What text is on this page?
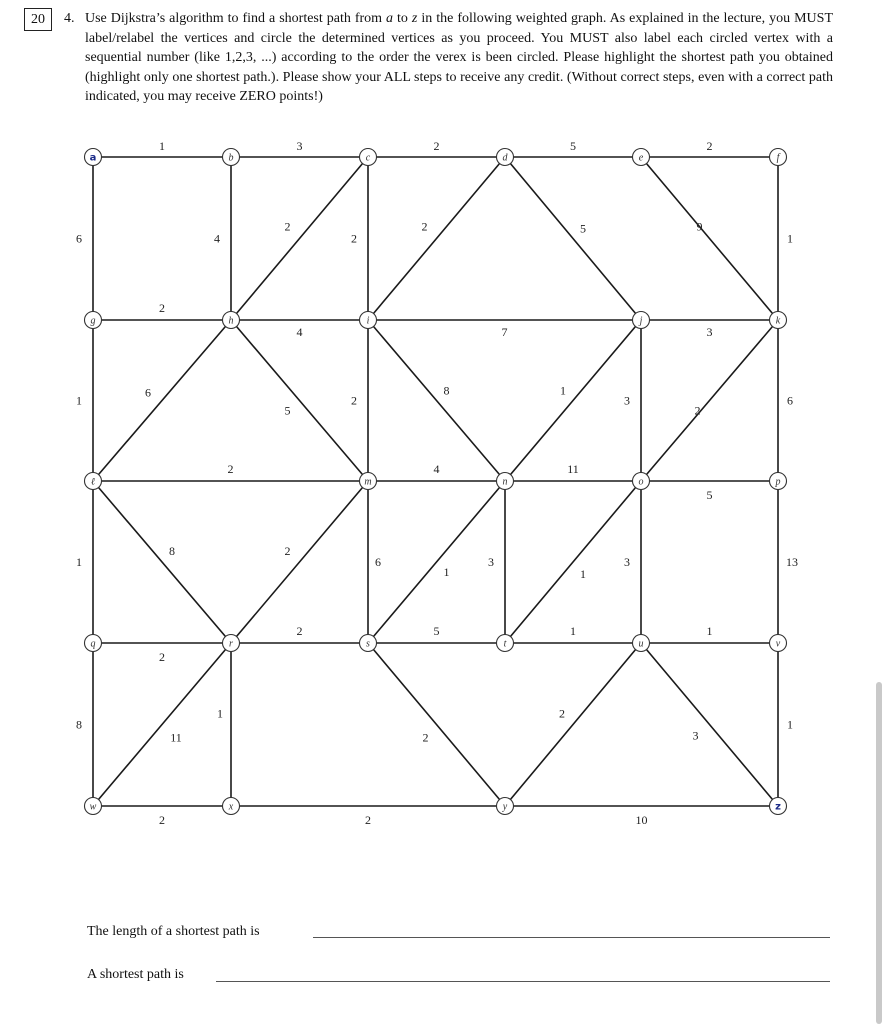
20	4. Use Dijkstra’s algorithm to find a shortest path from a to z in the following weighted graph. As explained in the lecture, you MUST label/relabel the vertices and circle the determined vertices as you proceed. You MUST also label each circled vertex with a sequential number (like 1,2,3, ...) according to the order the verex is been circled. Please highlight the shortest path you obtained (highlight only one shortest path.). Please show your ALL steps to receive any credit. (Without correct steps, even with a correct path indicated, you may receive ZERO points!)

1	3	2	5	2
6	4
2
2
2	5	9
1
2
4	7	3
1
6
5
2
8	1
3
2
6
2	4	11
5
1
8	2
6
1
3
1
3	13
2
2	5	1	1
8
11
1
2
2
3
1
2	2	10
a	b	c	d	e	f
g	h	i	j	k
ℓ	m	n	o	p
q	r	s	t	u	v
w	x	y	z
The length of a shortest path is
A shortest path is
